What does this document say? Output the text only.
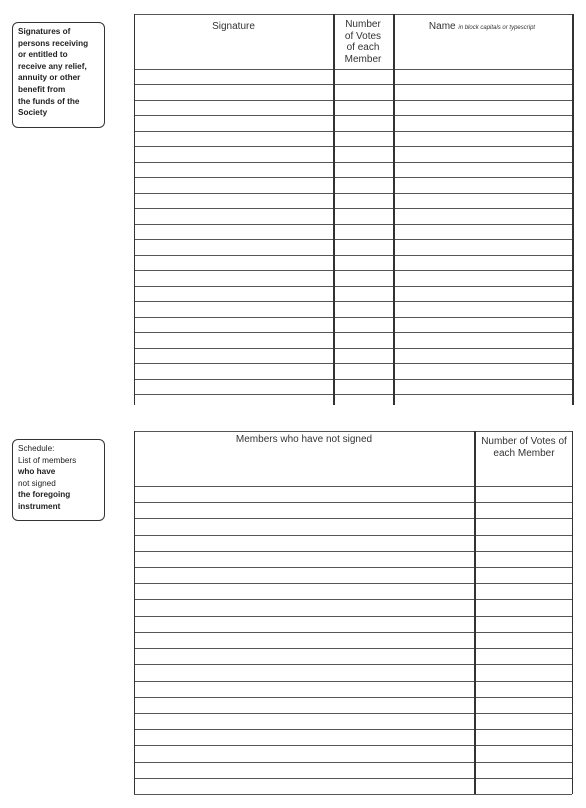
Signatures of
persons receiving
or entitled to
receive any relief,
annuity or other
benefit from
the funds of the
Society
Signature	Number
of Votes
of each
Member
Name in block capitals or typescript
Schedule:
List of members
who have
not signed
the foregoing
instrument
Members who have not signed	Number of Votes of
each Member
